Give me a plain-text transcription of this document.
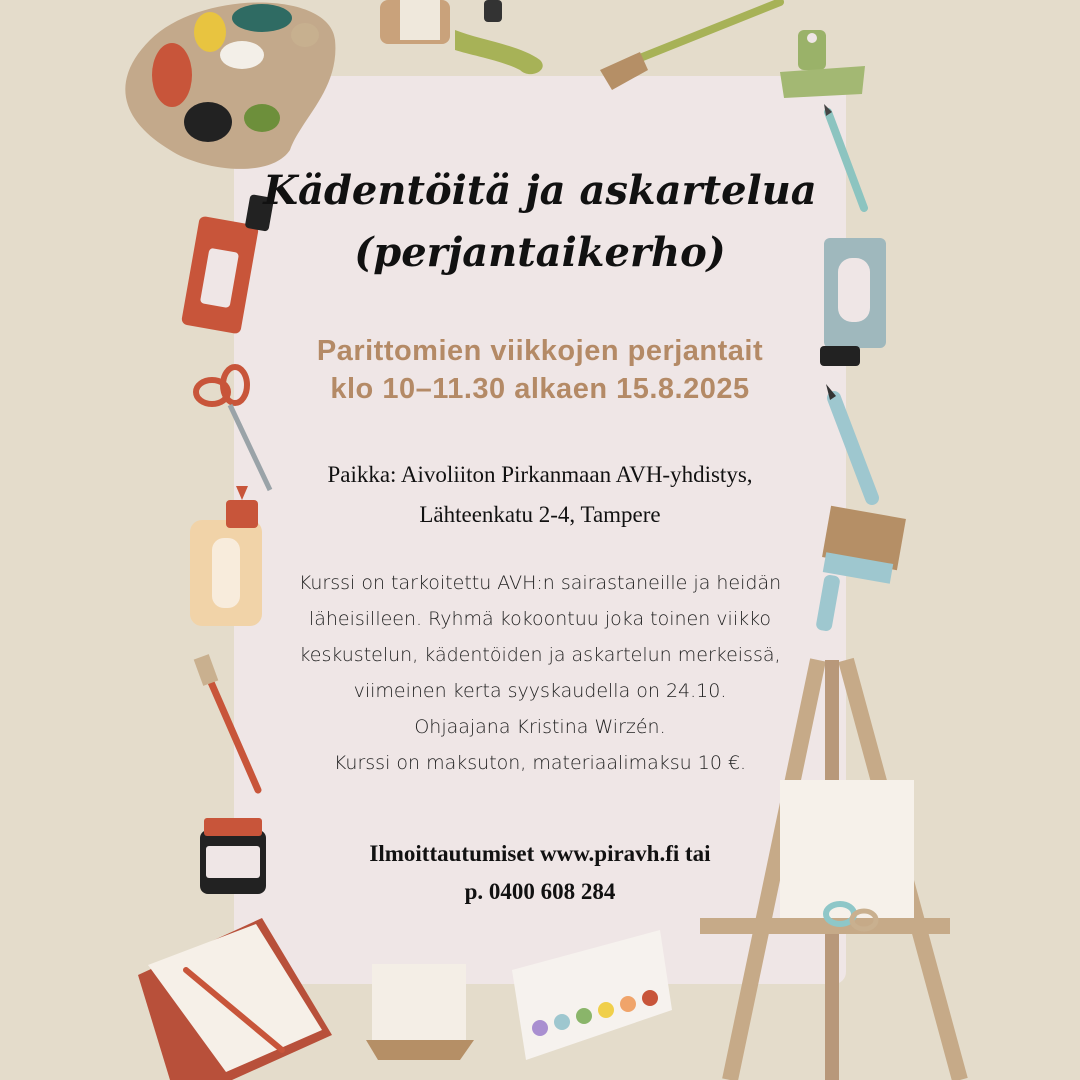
Kädentöitä ja askartelua
(perjantaikerho)
Parittomien viikkojen perjantait
klo 10–11.30 alkaen 15.8.2025
Paikka: Aivoliiton Pirkanmaan AVH-yhdistys,
Lähteenkatu 2-4, Tampere
Kurssi on tarkoitettu AVH:n sairastaneille ja heidän
läheisilleen. Ryhmä kokoontuu joka toinen viikko
keskustelun, kädentöiden ja askartelun merkeissä,
viimeinen kerta syyskaudella on 24.10.
Ohjaajana Kristina Wirzén.
Kurssi on maksuton, materiaalimaksu 10 €.
Ilmoittautumiset www.piravh.fi tai
p. 0400 608 284
